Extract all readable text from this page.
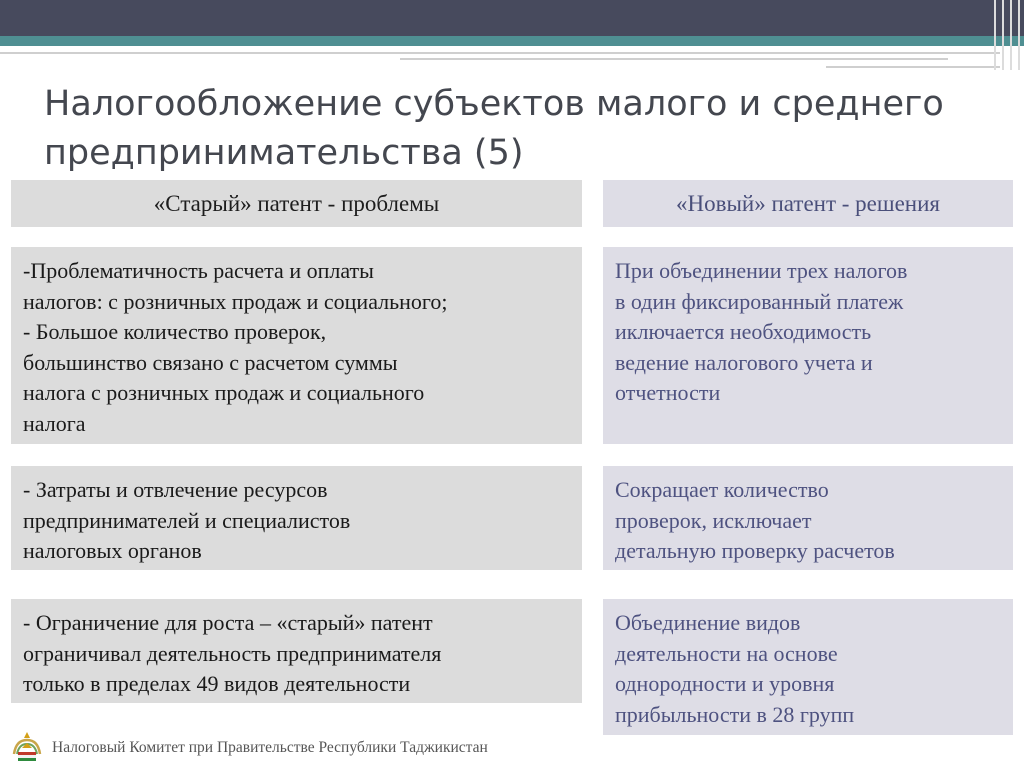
Налогообложение субъектов малого и среднего предпринимательства (5)
«Старый» патент - проблемы	«Новый» патент - решения

-Проблематичность расчета и оплаты

налогов: с розничных продаж и социального;

- Большое количество проверок,

большинство связано с расчетом суммы

налога с розничных продаж и социального

налога

- Затраты и отвлечение ресурсов

предпринимателей и специалистов

налоговых органов

- Ограничение для роста – «старый» патент

ограничивал деятельность предпринимателя

только в пределах 49 видов деятельности

При объединении трех налогов

в один фиксированный платеж

иключается необходимость

ведение налогового учета и

отчетности

Сокращает количество

проверок, исключает

детальную проверку расчетов

Объединение видов

деятельности на основе

однородности и уровня

прибыльности в 28 групп

Налоговый Комитет при Правительстве Республики Таджикистан
